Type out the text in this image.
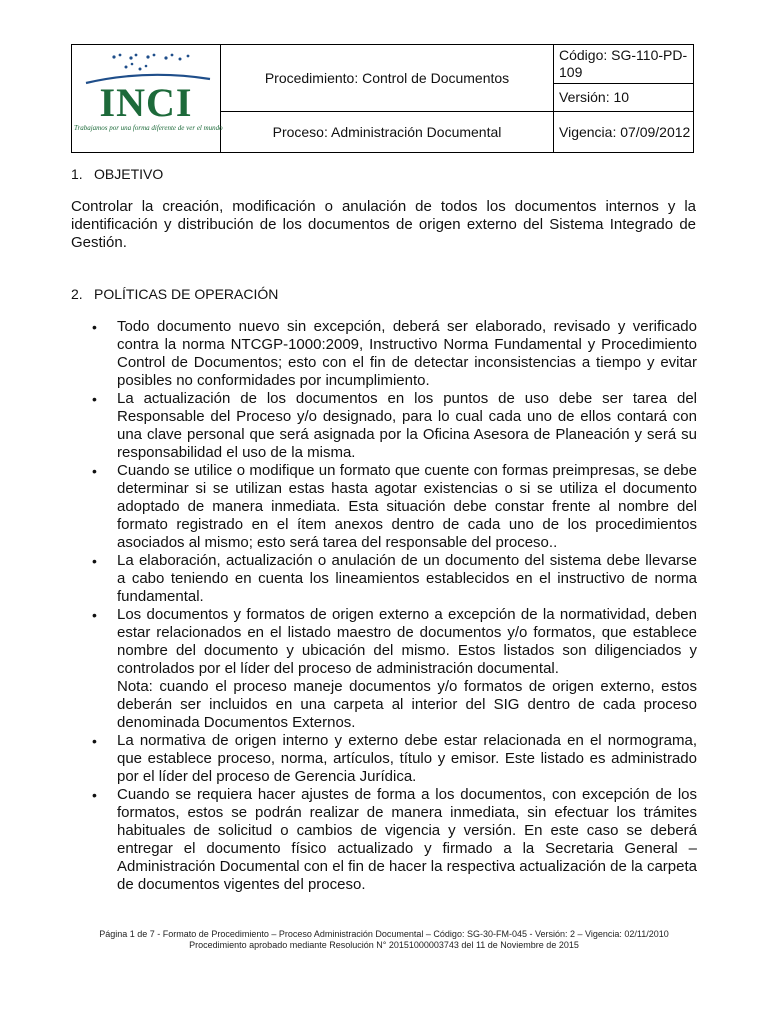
INCI
Trabajamos por una forma diferente de ver el mundo	Procedimiento: Control de Documentos	Código: SG-110-PD-109
		Versión: 10
	Proceso: Administración Documental	Vigencia: 07/09/2012
1. OBJETIVO
Controlar la creación, modificación o anulación de todos los documentos internos y la identificación y distribución de los documentos de origen externo del Sistema Integrado de Gestión.
2. POLÍTICAS DE OPERACIÓN
• Todo documento nuevo sin excepción, deberá ser elaborado, revisado y verificado contra la norma NTCGP-1000:2009, Instructivo Norma Fundamental y Procedimiento Control de Documentos; esto con el fin de detectar inconsistencias a tiempo y evitar posibles no conformidades por incumplimiento.
• La actualización de los documentos en los puntos de uso debe ser tarea del Responsable del Proceso y/o designado, para lo cual cada uno de ellos contará con una clave personal que será asignada por la Oficina Asesora de Planeación y será su responsabilidad el uso de la misma.
• Cuando se utilice o modifique un formato que cuente con formas preimpresas, se debe determinar si se utilizan estas hasta agotar existencias o si se utiliza el documento adoptado de manera inmediata. Esta situación debe constar frente al nombre del formato registrado en el ítem anexos dentro de cada uno de los procedimientos asociados al mismo; esto será tarea del responsable del proceso..
• La elaboración, actualización o anulación de un documento del sistema debe llevarse a cabo teniendo en cuenta los lineamientos establecidos en el instructivo de norma fundamental.
• Los documentos y formatos de origen externo a excepción de la normatividad, deben estar relacionados en el listado maestro de documentos y/o formatos, que establece nombre del documento y ubicación del mismo. Estos listados son diligenciados y controlados por el líder del proceso de administración documental.
Nota: cuando el proceso maneje documentos y/o formatos de origen externo, estos deberán ser incluidos en una carpeta al interior del SIG dentro de cada proceso denominada Documentos Externos.
• La normativa de origen interno y externo debe estar relacionada en el normograma, que establece proceso, norma, artículos, título y emisor. Este listado es administrado por el líder del proceso de Gerencia Jurídica.
• Cuando se requiera hacer ajustes de forma a los documentos, con excepción de los formatos, estos se podrán realizar de manera inmediata, sin efectuar los trámites habituales de solicitud o cambios de vigencia y versión. En este caso se deberá entregar el documento físico actualizado y firmado a la Secretaria General – Administración Documental con el fin de hacer la respectiva actualización de la carpeta de documentos vigentes del proceso.
Página 1 de 7 - Formato de Procedimiento – Proceso Administración Documental – Código: SG-30-FM-045 - Versión: 2 – Vigencia: 02/11/2010
Procedimiento aprobado mediante Resolución N° 20151000003743 del 11 de Noviembre de 2015
